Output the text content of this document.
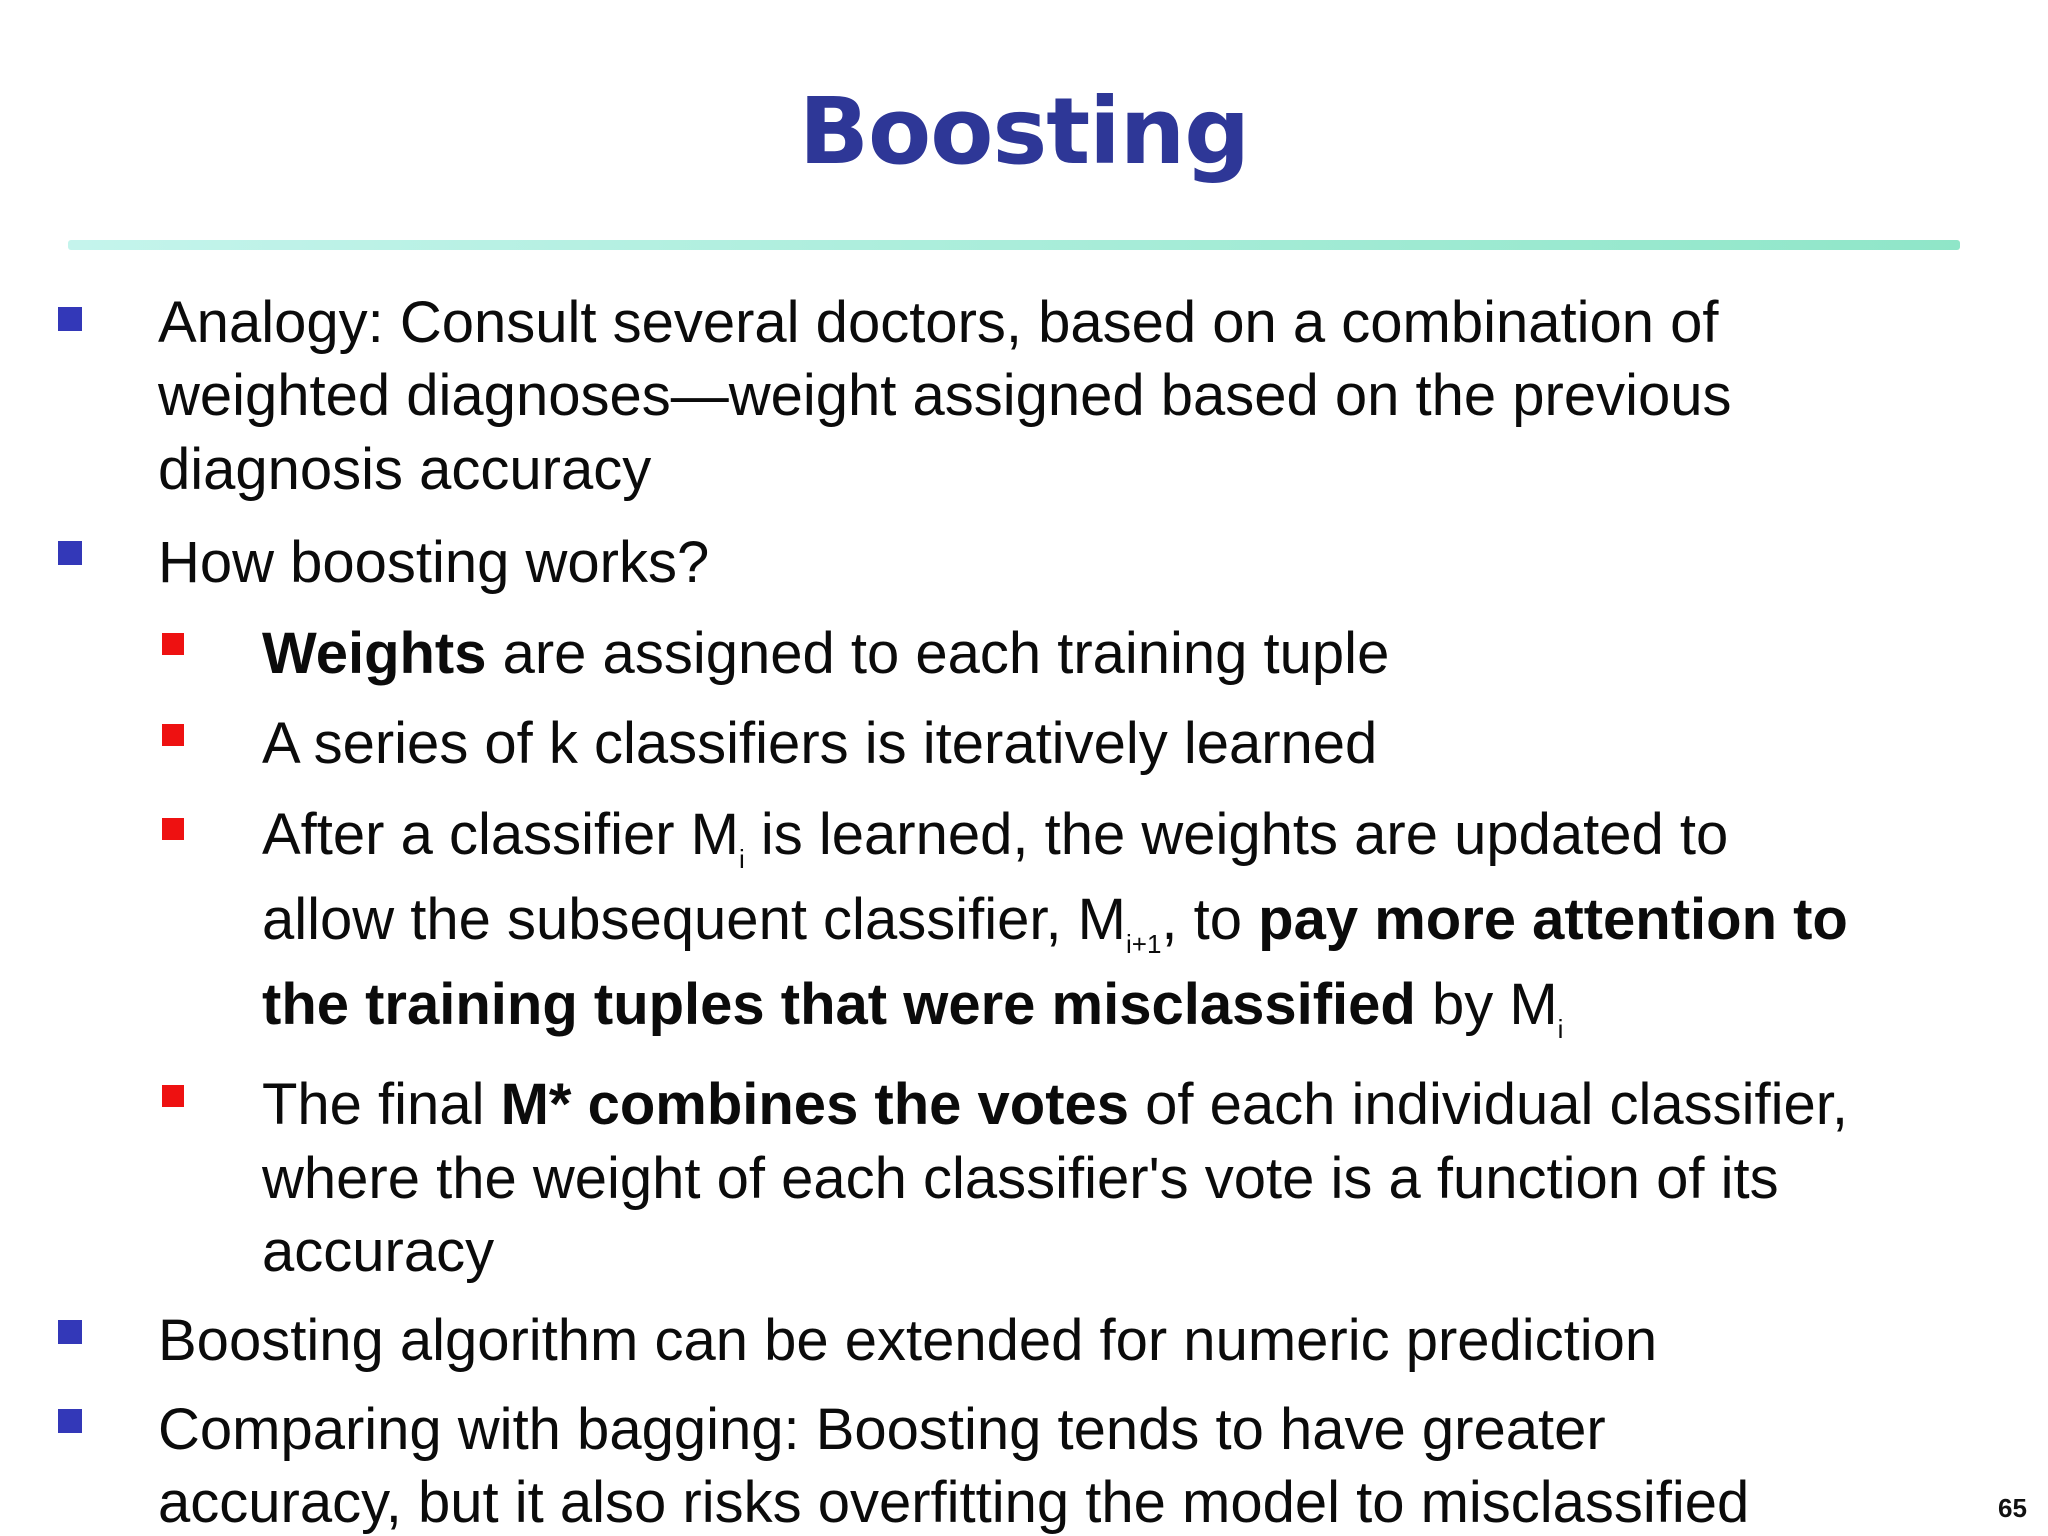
Boosting
Analogy: Consult several doctors, based on a combination of
weighted diagnoses—weight assigned based on the previous
diagnosis accuracy
How boosting works?
Weights are assigned to each training tuple
A series of k classifiers is iteratively learned
After a classifier $M_i$ is learned, the weights are updated to
allow the subsequent classifier, $M_{i+1}$, to pay more attention to
the training tuples that were misclassified by $M_i$
The final M* combines the votes of each individual classifier,
where the weight of each classifier's vote is a function of its
accuracy
Boosting algorithm can be extended for numeric prediction
Comparing with bagging: Boosting tends to have greater
accuracy, but it also risks overfitting the model to misclassified	65
